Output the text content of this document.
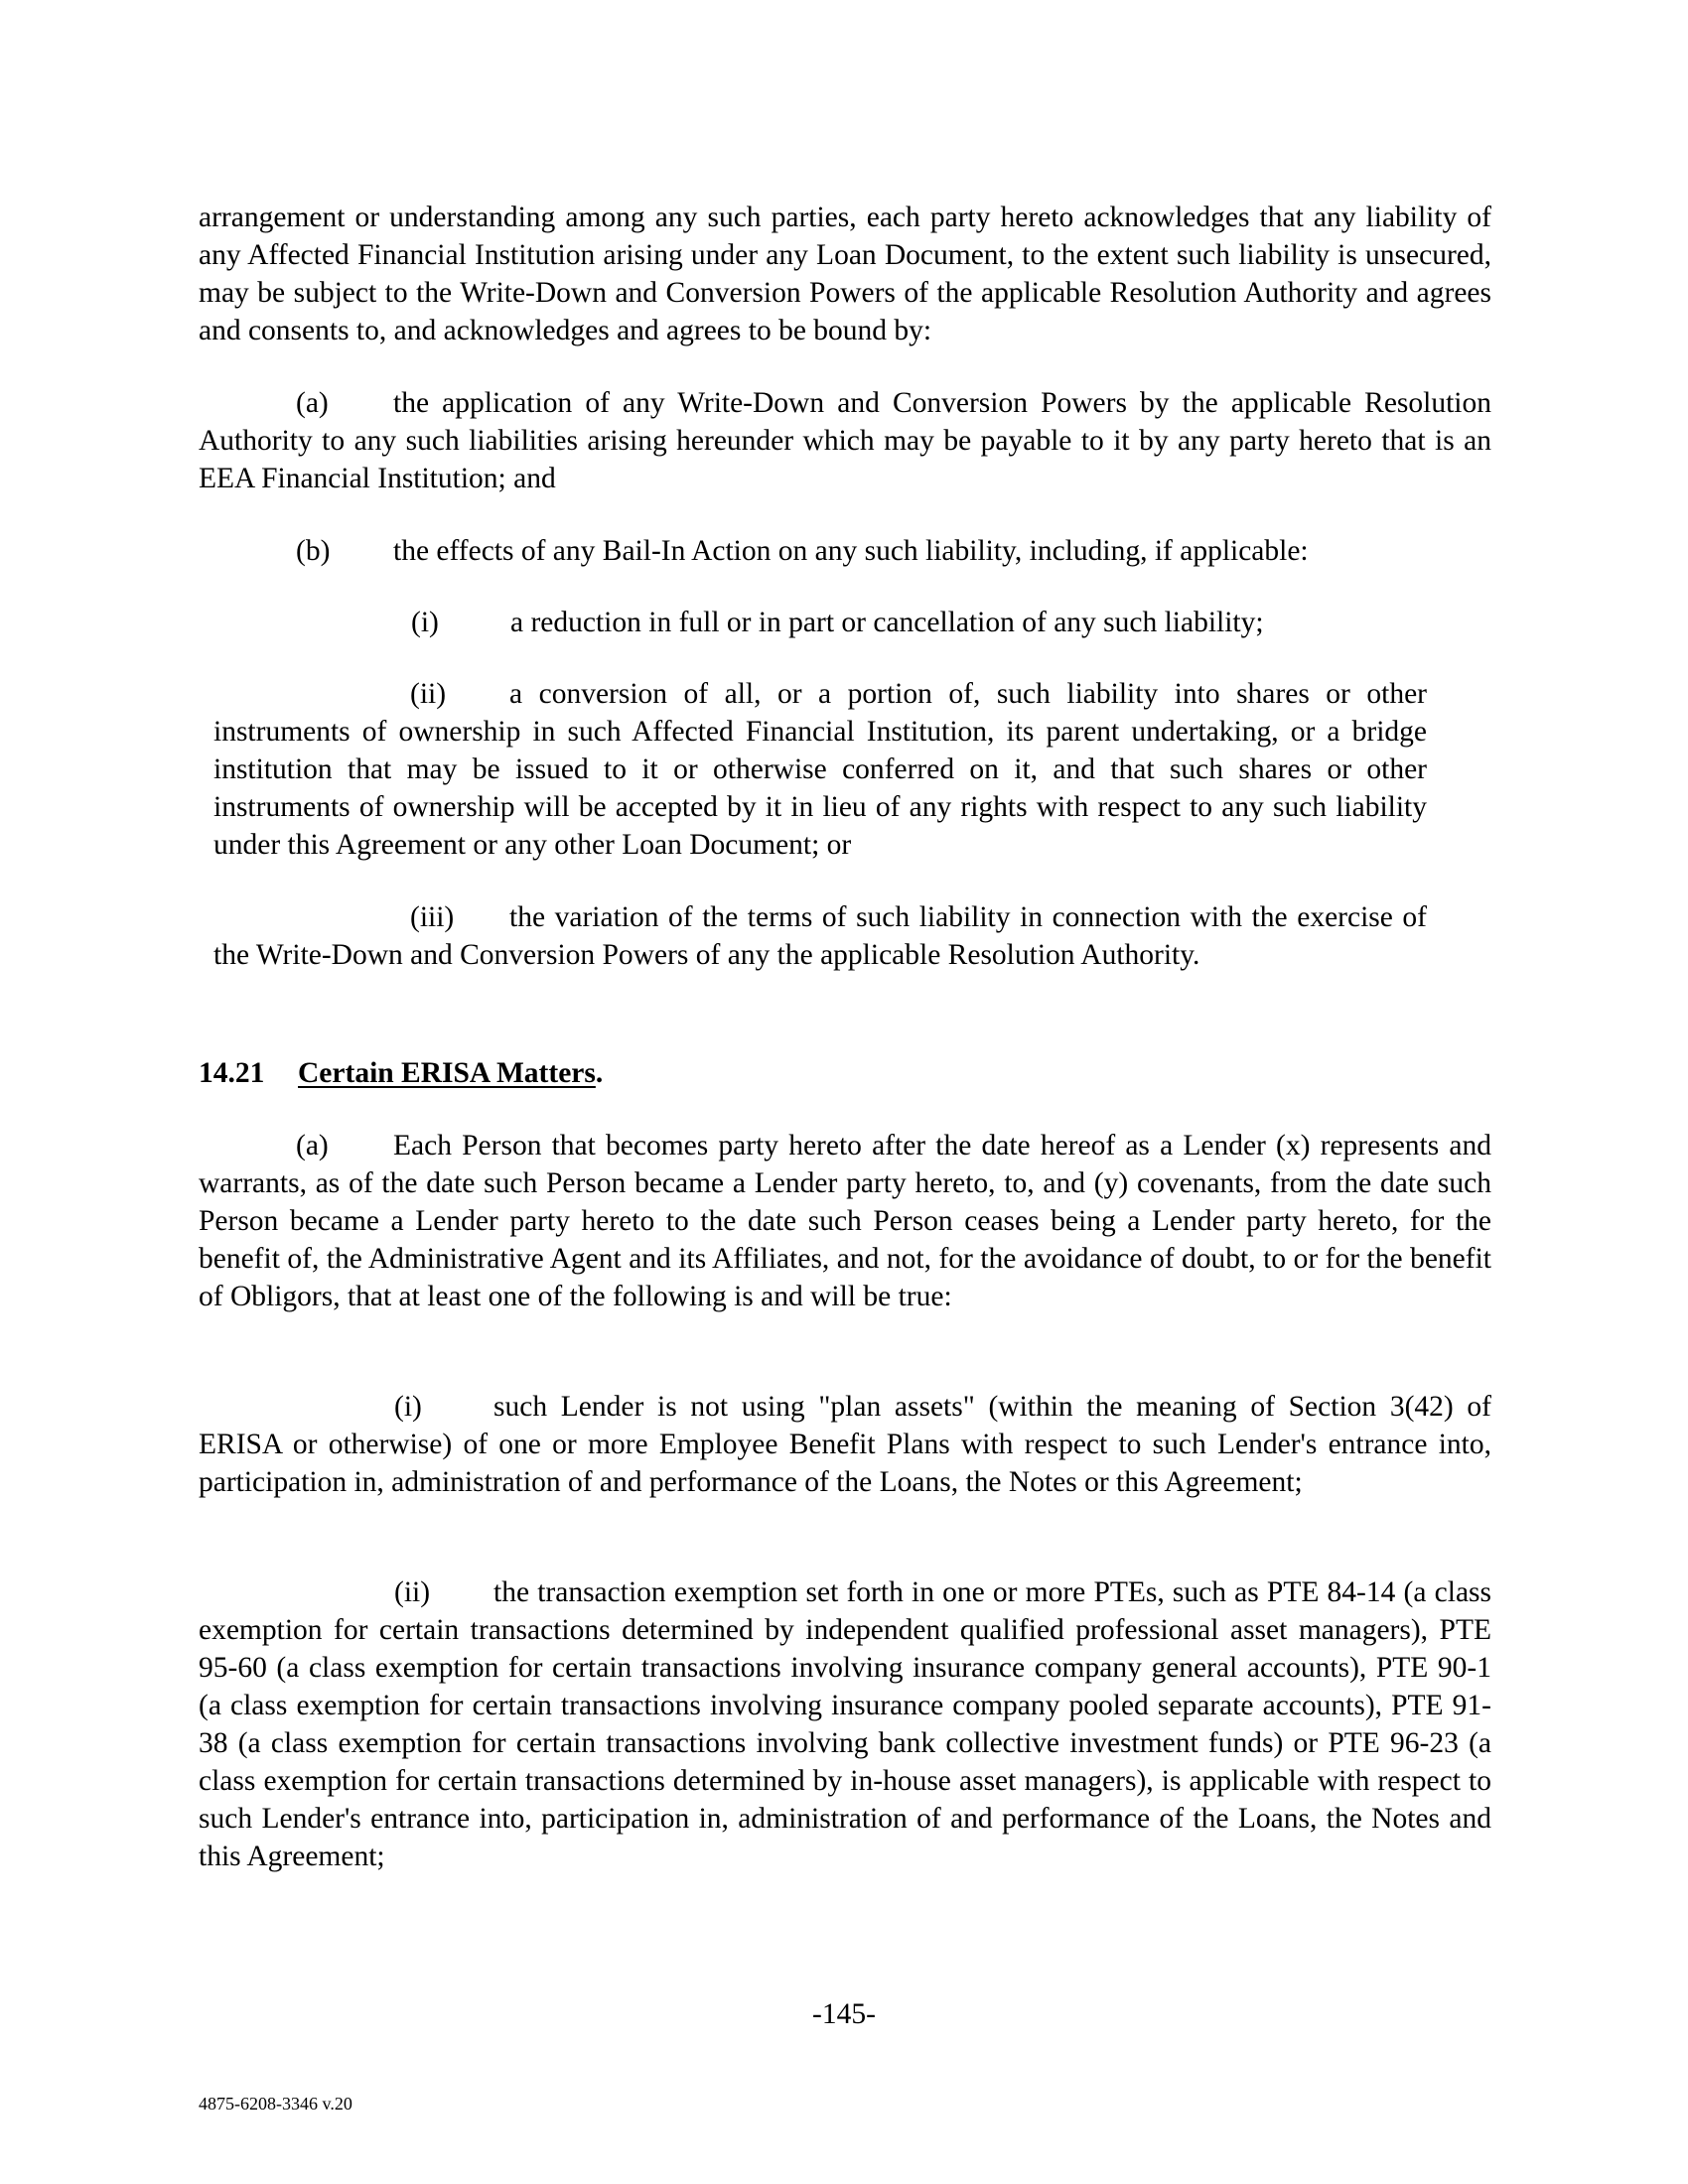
arrangement or understanding among any such parties, each party hereto acknowledges that any liability of any Affected Financial Institution arising under any Loan Document, to the extent such liability is unsecured, may be subject to the Write-Down and Conversion Powers of the applicable Resolution Authority and agrees and consents to, and acknowledges and agrees to be bound by:

(a) the application of any Write-Down and Conversion Powers by the applicable Resolution Authority to any such liabilities arising hereunder which may be payable to it by any party hereto that is an EEA Financial Institution; and

(b) the effects of any Bail-In Action on any such liability, including, if applicable:

(i) a reduction in full or in part or cancellation of any such liability;

(ii) a conversion of all, or a portion of, such liability into shares or other instruments of ownership in such Affected Financial Institution, its parent undertaking, or a bridge institution that may be issued to it or otherwise conferred on it, and that such shares or other instruments of ownership will be accepted by it in lieu of any rights with respect to any such liability under this Agreement or any other Loan Document; or

(iii) the variation of the terms of such liability in connection with the exercise of the Write-Down and Conversion Powers of any the applicable Resolution Authority.

14.21 Certain ERISA Matters.

(a) Each Person that becomes party hereto after the date hereof as a Lender (x) represents and warrants, as of the date such Person became a Lender party hereto, to, and (y) covenants, from the date such Person became a Lender party hereto to the date such Person ceases being a Lender party hereto, for the benefit of, the Administrative Agent and its Affiliates, and not, for the avoidance of doubt, to or for the benefit of Obligors, that at least one of the following is and will be true:

(i) such Lender is not using "plan assets" (within the meaning of Section 3(42) of ERISA or otherwise) of one or more Employee Benefit Plans with respect to such Lender's entrance into, participation in, administration of and performance of the Loans, the Notes or this Agreement;

(ii) the transaction exemption set forth in one or more PTEs, such as PTE 84-14 (a class exemption for certain transactions determined by independent qualified professional asset managers), PTE 95-60 (a class exemption for certain transactions involving insurance company general accounts), PTE 90-1 (a class exemption for certain transactions involving insurance company pooled separate accounts), PTE 91-38 (a class exemption for certain transactions involving bank collective investment funds) or PTE 96-23 (a class exemption for certain transactions determined by in-house asset managers), is applicable with respect to such Lender's entrance into, participation in, administration of and performance of the Loans, the Notes and this Agreement;

-145-
4875-6208-3346 v.20
